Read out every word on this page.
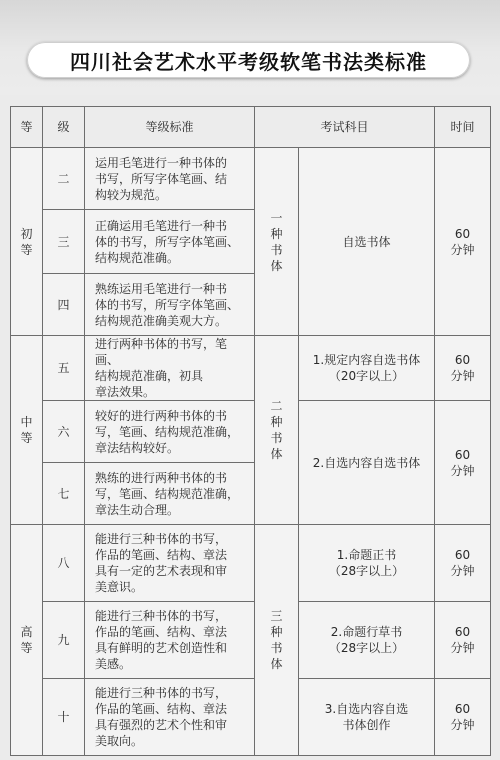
四川社会艺术水平考级软笔书法类标准
等	级	等级标准	考试科目		时间
初等	二	运用毛笔进行一种书体的
书写，所写字体笔画、结
构较为规范。	一种书体	自选书体	60
分钟

	三	正确运用毛笔进行一种书
体的书写，所写字体笔画、
结构规范准确。			

	四	熟练运用毛笔进行一种书
体的书写，所写字体笔画、
结构规范准确美观大方。			

中等	五	进行两种书体的书写，笔画、
结构规范准确，初具
章法效果。	二种书体	1.规定内容自选书体
（20字以上）	60
分钟

	六	较好的进行两种书体的书
写，笔画、结构规范准确，
章法结构较好。		2.自选内容自选书体	60
分钟

	七	熟练的进行两种书体的书
写，笔画、结构规范准确，
章法生动合理。			

高等	八	能进行三种书体的书写，
作品的笔画、结构、章法
具有一定的艺术表现和审
美意识。	三种书体	1.命题正书
（28字以上）	60
分钟

	九	能进行三种书体的书写，
作品的笔画、结构、章法
具有鲜明的艺术创造性和
美感。		2.命题行草书
（28字以上）	60
分钟

	十	能进行三种书体的书写，
作品的笔画、结构、章法
具有强烈的艺术个性和审
美取向。		3.自选内容自选
书体创作	60
分钟
